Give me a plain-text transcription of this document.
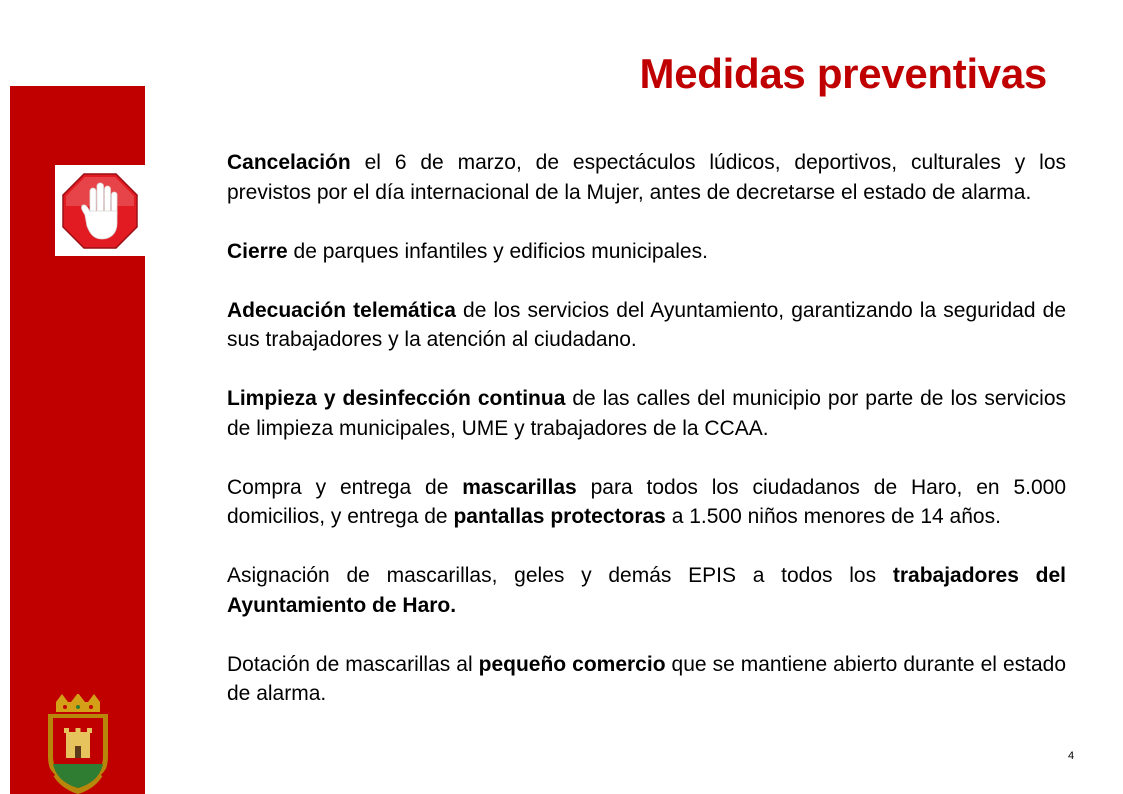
Medidas preventivas

Cancelación el 6 de marzo, de espectáculos lúdicos, deportivos, culturales y los previstos por el día internacional de la Mujer, antes de decretarse el estado de alarma.

Cierre de parques infantiles y edificios municipales.

Adecuación telemática de los servicios del Ayuntamiento, garantizando la seguridad de sus trabajadores y la atención al ciudadano.

Limpieza y desinfección continua de las calles del municipio por parte de los servicios de limpieza municipales, UME y trabajadores de la CCAA.

Compra y entrega de mascarillas para todos los ciudadanos de Haro, en 5.000 domicilios, y entrega de pantallas protectoras a 1.500 niños menores de 14 años.

Asignación de mascarillas, geles y demás EPIS a todos los trabajadores del Ayuntamiento de Haro.

Dotación de mascarillas al pequeño comercio que se mantiene abierto durante el estado de alarma.

4
